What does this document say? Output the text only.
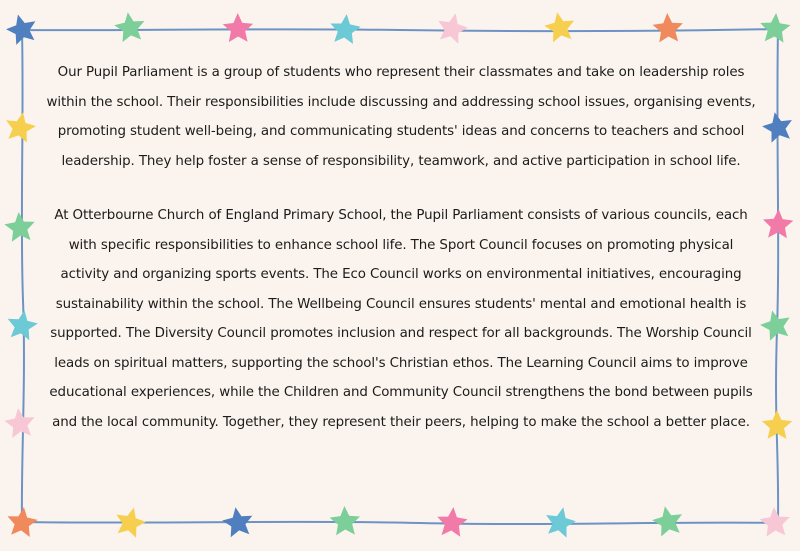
Our Pupil Parliament is a group of students who represent their classmates and take on leadership roles within the school. Their responsibilities include discussing and addressing school issues, organising events, promoting student well-being, and communicating students' ideas and concerns to teachers and school leadership. They help foster a sense of responsibility, teamwork, and active participation in school life.

At Otterbourne Church of England Primary School, the Pupil Parliament consists of various councils, each with specific responsibilities to enhance school life. The Sport Council focuses on promoting physical activity and organizing sports events. The Eco Council works on environmental initiatives, encouraging sustainability within the school. The Wellbeing Council ensures students' mental and emotional health is supported. The Diversity Council promotes inclusion and respect for all backgrounds. The Worship Council leads on spiritual matters, supporting the school's Christian ethos. The Learning Council aims to improve educational experiences, while the Children and Community Council strengthens the bond between pupils and the local community. Together, they represent their peers, helping to make the school a better place.
